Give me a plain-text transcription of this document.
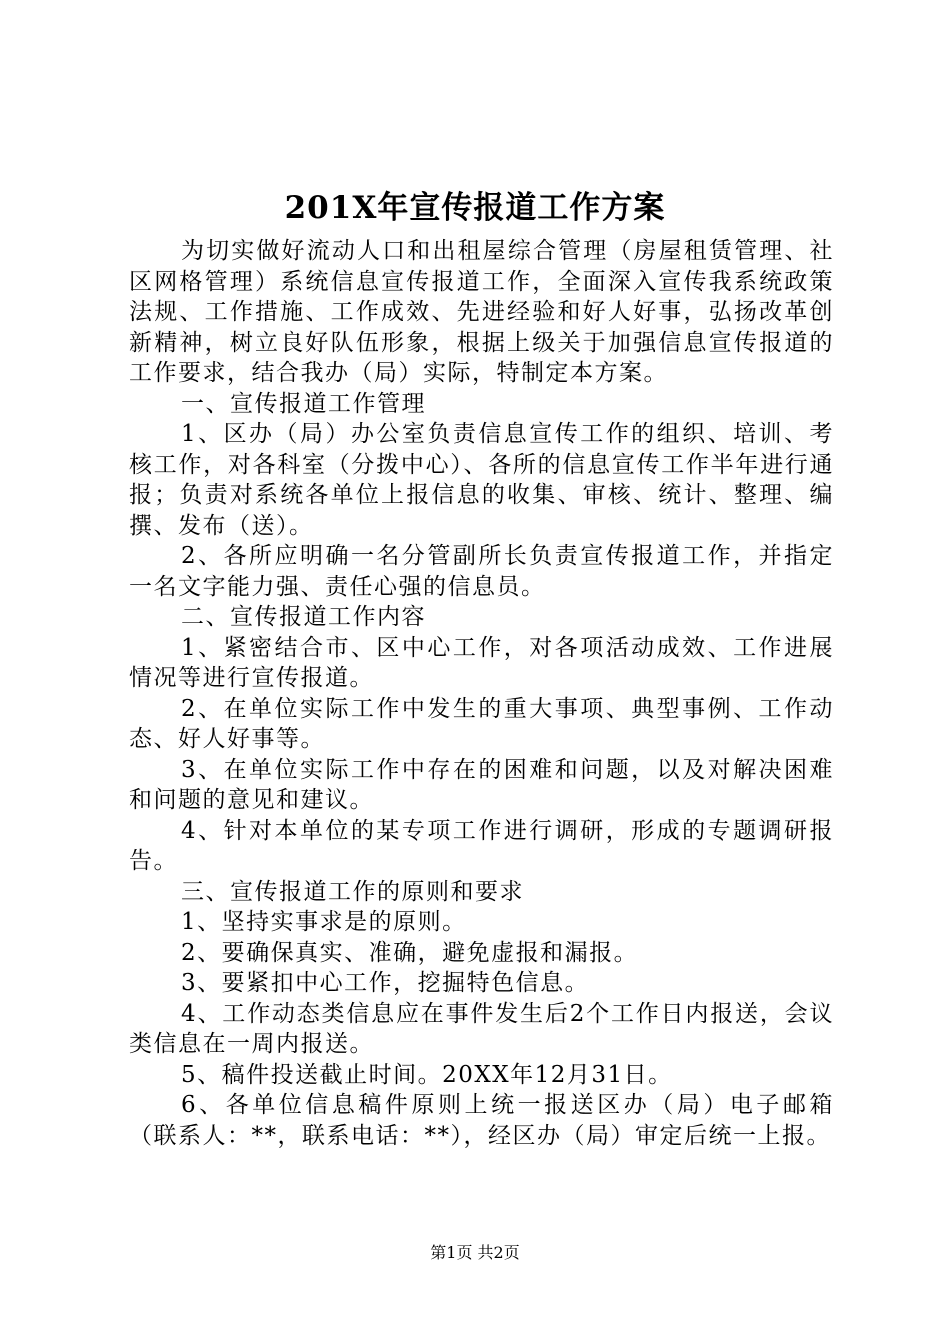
201X年宣传报道工作方案

为切实做好流动人口和出租屋综合管理（房屋租赁管理、社区网格管理）系统信息宣传报道工作，全面深入宣传我系统政策法规、工作措施、工作成效、先进经验和好人好事，弘扬改革创新精神，树立良好队伍形象，根据上级关于加强信息宣传报道的工作要求，结合我办（局）实际，特制定本方案。

一、宣传报道工作管理

1、区办（局）办公室负责信息宣传工作的组织、培训、考核工作，对各科室（分拨中心）、各所的信息宣传工作半年进行通报；负责对系统各单位上报信息的收集、审核、统计、整理、编撰、发布（送）。

2、各所应明确一名分管副所长负责宣传报道工作，并指定一名文字能力强、责任心强的信息员。

二、宣传报道工作内容

1、紧密结合市、区中心工作，对各项活动成效、工作进展情况等进行宣传报道。

2、在单位实际工作中发生的重大事项、典型事例、工作动态、好人好事等。

3、在单位实际工作中存在的困难和问题，以及对解决困难和问题的意见和建议。

4、针对本单位的某专项工作进行调研，形成的专题调研报告。

三、宣传报道工作的原则和要求

1、坚持实事求是的原则。

2、要确保真实、准确，避免虚报和漏报。

3、要紧扣中心工作，挖掘特色信息。

4、工作动态类信息应在事件发生后2个工作日内报送，会议类信息在一周内报送。

5、稿件投送截止时间。20XX年12月31日。

6、各单位信息稿件原则上统一报送区办（局）电子邮箱（联系人：**，联系电话：**），经区办（局）审定后统一上报。

第1页 共2页
